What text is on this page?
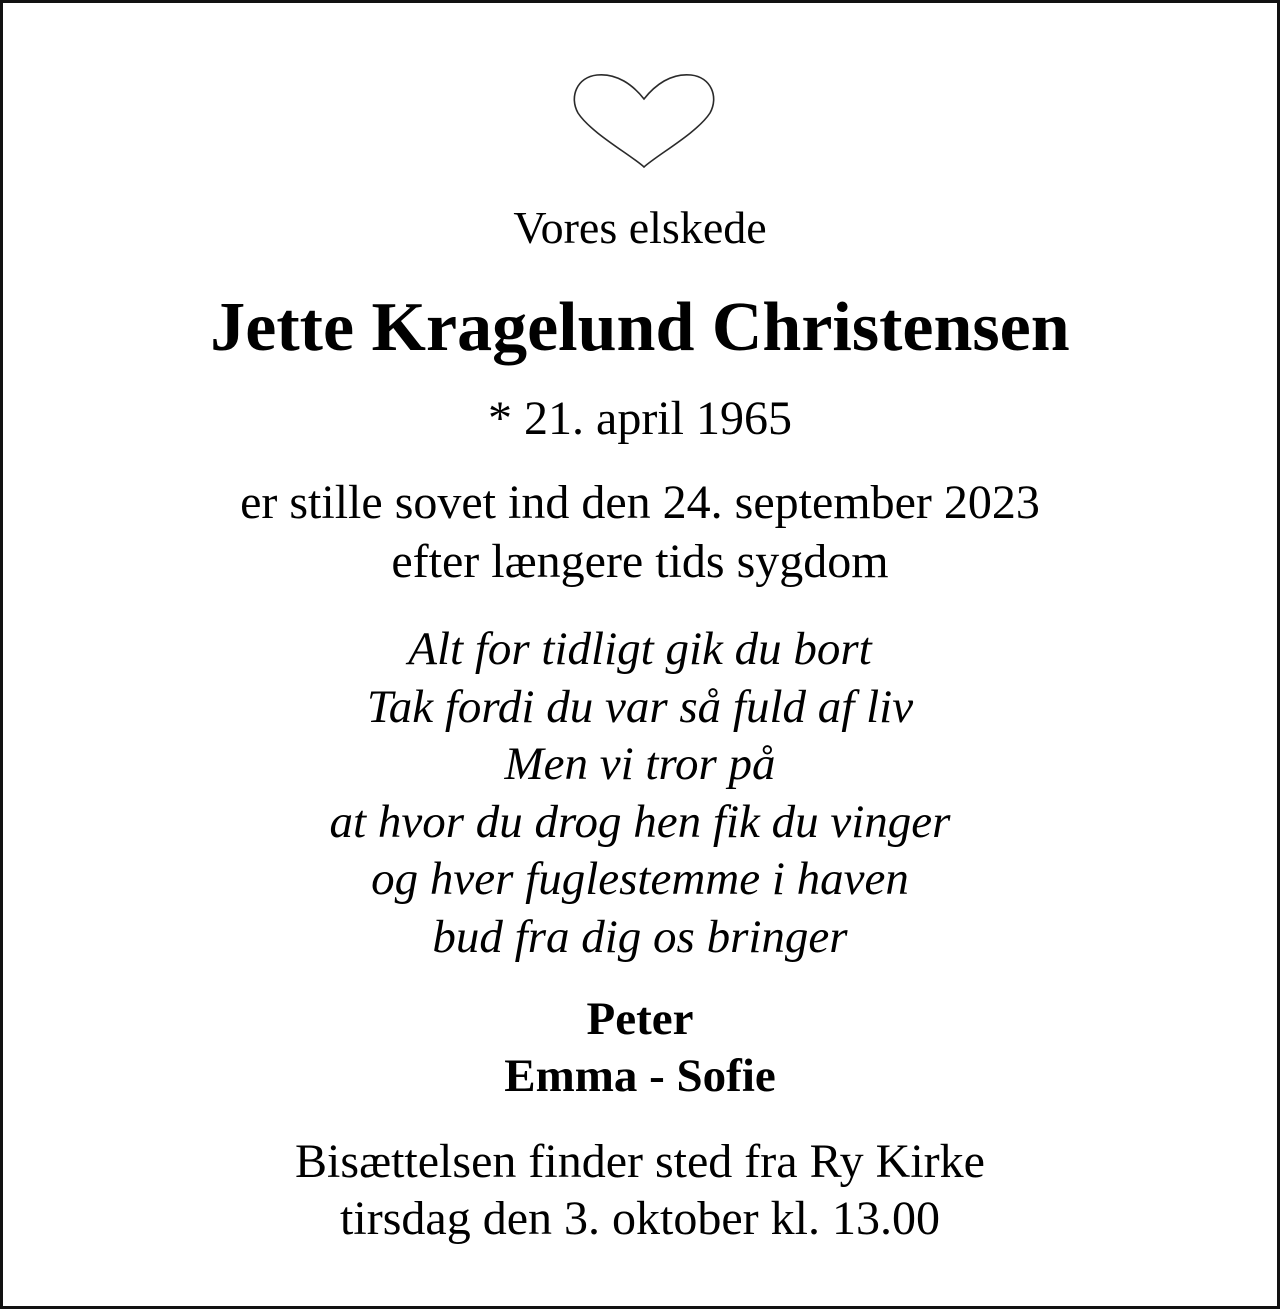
Vores elskede
Jette Kragelund Christensen
* 21. april 1965
er stille sovet ind den 24. september 2023
efter længere tids sygdom
Alt for tidligt gik du bort
Tak fordi du var så fuld af liv
Men vi tror på
at hvor du drog hen fik du vinger
og hver fuglestemme i haven
bud fra dig os bringer
Peter
Emma - Sofie
Bisættelsen finder sted fra Ry Kirke
tirsdag den 3. oktober kl. 13.00
